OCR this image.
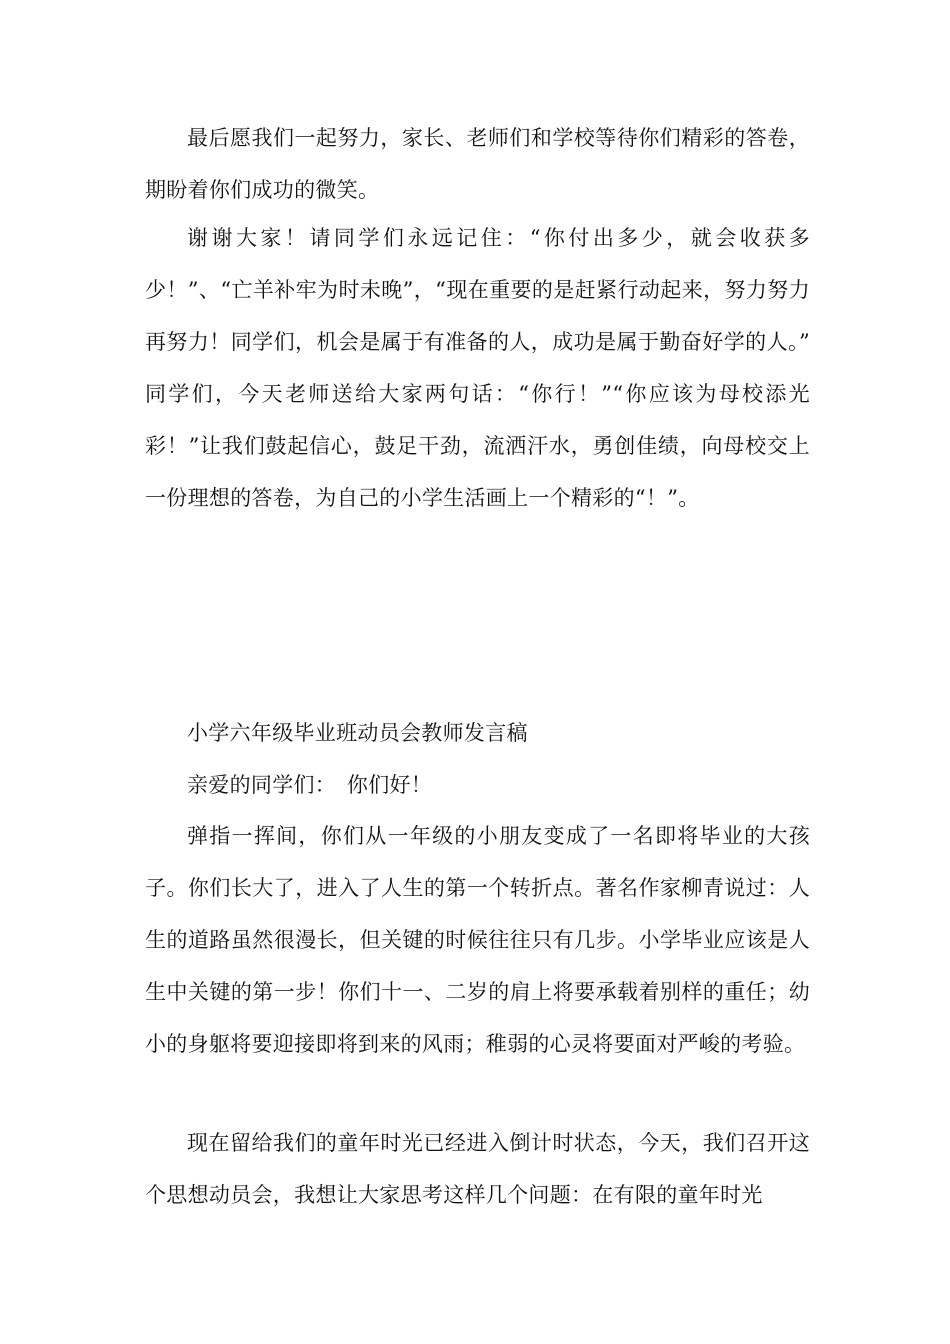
最后愿我们一起努力，家长、老师们和学校等待你们精彩的答卷，期盼着你们成功的微笑。

谢谢大家！请同学们永远记住：“你付出多少，就会收获多少！”、“亡羊补牢为时未晚”，“现在重要的是赶紧行动起来，努力努力再努力！同学们，机会是属于有准备的人，成功是属于勤奋好学的人。” 同学们，今天老师送给大家两句话：“你行！”“你应该为母校添光彩！”让我们鼓起信心，鼓足干劲，流洒汗水，勇创佳绩，向母校交上一份理想的答卷，为自己的小学生活画上一个精彩的“！”。

小学六年级毕业班动员会教师发言稿

亲爱的同学们：　你们好！

弹指一挥间，你们从一年级的小朋友变成了一名即将毕业的大孩子。你们长大了，进入了人生的第一个转折点。著名作家柳青说过：人生的道路虽然很漫长，但关键的时候往往只有几步。小学毕业应该是人生中关键的第一步！你们十一、二岁的肩上将要承载着别样的重任；幼小的身躯将要迎接即将到来的风雨；稚弱的心灵将要面对严峻的考验。

现在留给我们的童年时光已经进入倒计时状态，今天，我们召开这个思想动员会，我想让大家思考这样几个问题：在有限的童年时光
